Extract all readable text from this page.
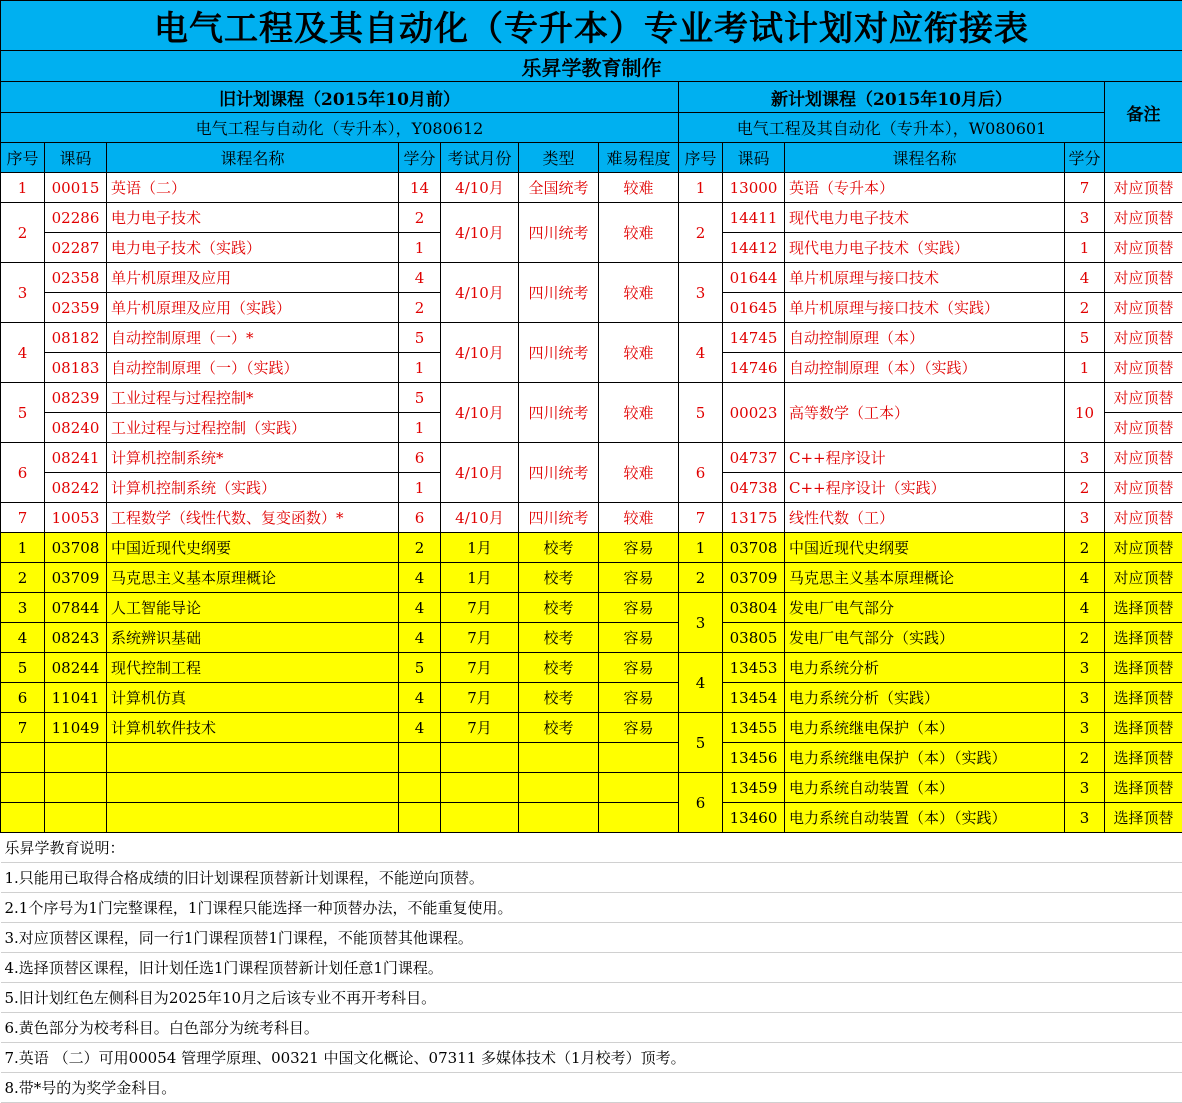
电气工程及其自动化（专升本）专业考试计划对应衔接表											
乐昇学教育制作											
旧计划课程（2015年10月前）							新计划课程（2015年10月后）				备注
电气工程与自动化（专升本），Y080612							电气工程及其自动化（专升本），W080601				
序号	课码	课程名称	学分	考试月份	类型	难易程度	序号	课码	课程名称	学分	
1	00015	英语（二）	14	4/10月	全国统考	较难	1	13000	英语（专升本）	7	对应顶替
2	02286	电力电子技术	2	4/10月	四川统考	较难	2	14411	现代电力电子技术	3	对应顶替
	02287	电力电子技术（实践）	1					14412	现代电力电子技术（实践）	1	对应顶替
3	02358	单片机原理及应用	4	4/10月	四川统考	较难	3	01644	单片机原理与接口技术	4	对应顶替
	02359	单片机原理及应用（实践）	2					01645	单片机原理与接口技术（实践）	2	对应顶替
4	08182	自动控制原理（一）*	5	4/10月	四川统考	较难	4	14745	自动控制原理（本）	5	对应顶替
	08183	自动控制原理（一）（实践）	1					14746	自动控制原理（本）（实践）	1	对应顶替
5	08239	工业过程与过程控制*	5	4/10月	四川统考	较难	5	00023	高等数学（工本）	10	对应顶替
	08240	工业过程与过程控制（实践）	1								对应顶替
6	08241	计算机控制系统*	6	4/10月	四川统考	较难	6	04737	C++程序设计	3	对应顶替
	08242	计算机控制系统（实践）	1					04738	C++程序设计（实践）	2	对应顶替
7	10053	工程数学（线性代数、复变函数）*	6	4/10月	四川统考	较难	7	13175	线性代数（工）	3	对应顶替
1	03708	中国近现代史纲要	2	1月	校考	容易	1	03708	中国近现代史纲要	2	对应顶替
2	03709	马克思主义基本原理概论	4	1月	校考	容易	2	03709	马克思主义基本原理概论	4	对应顶替
3	07844	人工智能导论	4	7月	校考	容易	3	03804	发电厂电气部分	4	选择顶替
4	08243	系统辨识基础	4	7月	校考	容易		03805	发电厂电气部分（实践）	2	选择顶替
5	08244	现代控制工程	5	7月	校考	容易	4	13453	电力系统分析	3	选择顶替
6	11041	计算机仿真	4	7月	校考	容易		13454	电力系统分析（实践）	3	选择顶替
7	11049	计算机软件技术	4	7月	校考	容易	5	13455	电力系统继电保护（本）	3	选择顶替
								13456	电力系统继电保护（本）（实践）	2	选择顶替
							6	13459	电力系统自动装置（本）	3	选择顶替
								13460	电力系统自动装置（本）（实践）	3	选择顶替
乐昇学教育说明：											
1.只能用已取得合格成绩的旧计划课程顶替新计划课程，不能逆向顶替。											
2.1个序号为1门完整课程，1门课程只能选择一种顶替办法，不能重复使用。											
3.对应顶替区课程，同一行1门课程顶替1门课程，不能顶替其他课程。											
4.选择顶替区课程，旧计划任选1门课程顶替新计划任意1门课程。											
5.旧计划红色左侧科目为2025年10月之后该专业不再开考科目。											
6.黄色部分为校考科目。白色部分为统考科目。											
7.英语 （二）可用00054 管理学原理、00321 中国文化概论、07311 多媒体技术（1月校考）顶考。											
8.带*号的为奖学金科目。											
